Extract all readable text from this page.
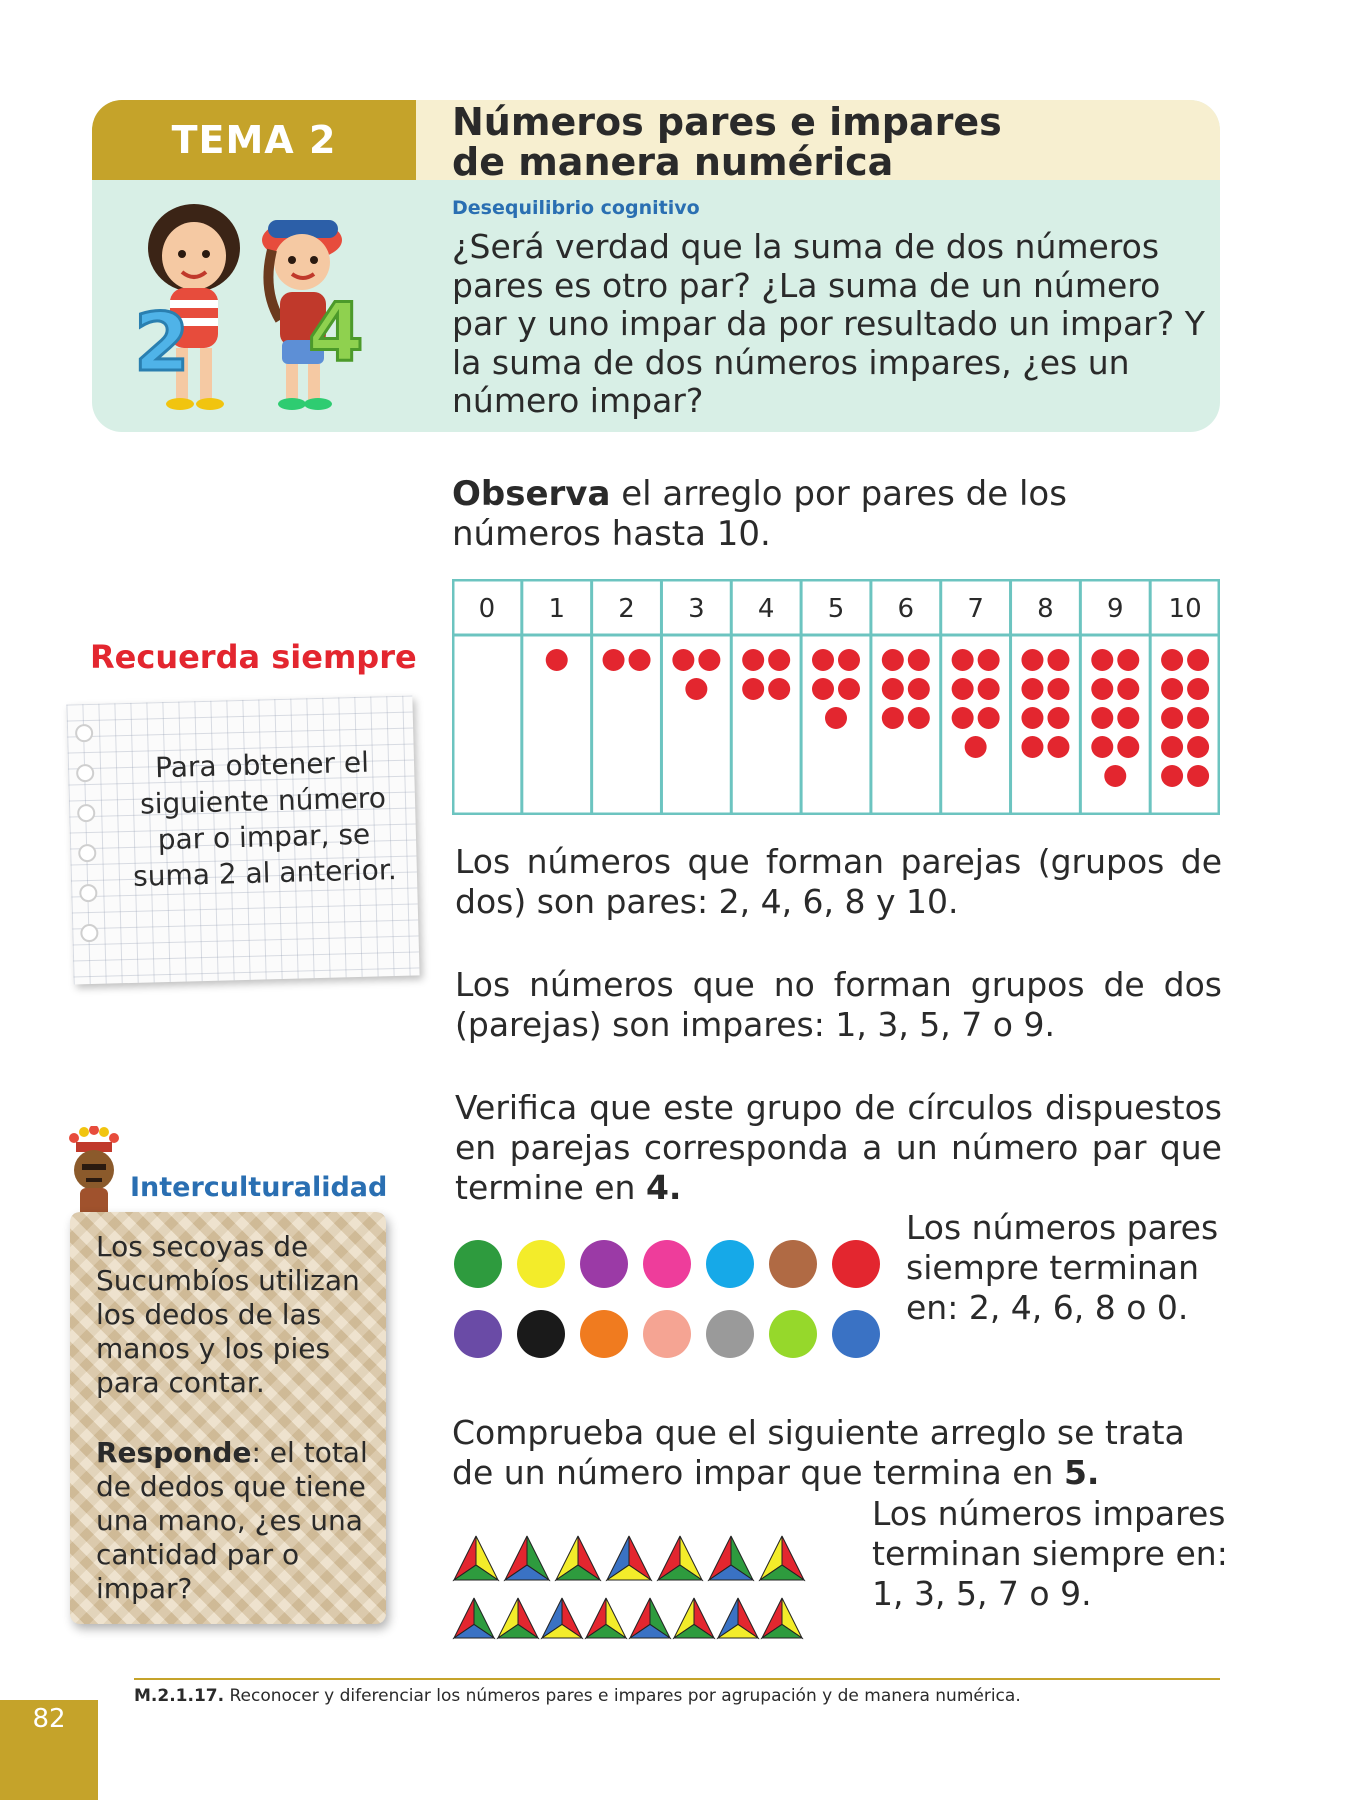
TEMA 2	Números pares e impares
de manera numérica
Desequilibrio cognitivo
¿Será verdad que la suma de dos números pares es otro par? ¿La suma de un número par y uno impar da por resultado un impar? Y la suma de dos números impares, ¿es un número impar?
2 4
Observa el arreglo por pares de los números hasta 10.
0 1 2 3 4 5 6 7 8 9 10
Recuerda siempre
Para obtener el siguiente número par o impar, se suma 2 al anterior. Los números que forman parejas (grupos de dos) son pares: 2, 4, 6, 8 y 10.
Los números que no forman grupos de dos (parejas) son impares: 1, 3, 5, 7 o 9.
Verifica que este grupo de círculos dispuestos en parejas corresponda a un número par que termine en 4.
Los números pares siempre terminan en: 2, 4, 6, 8 o 0.
Comprueba que el siguiente arreglo se trata de un número impar que termina en 5.
Los números impares terminan siempre en: 1, 3, 5, 7 o 9.
Interculturalidad
Los secoyas de Sucumbíos utilizan los dedos de las manos y los pies para contar.
Responde: el total de dedos que tiene una mano, ¿es una cantidad par o impar?
M.2.1.17. Reconocer y diferenciar los números pares e impares por agrupación y de manera numérica.
82
